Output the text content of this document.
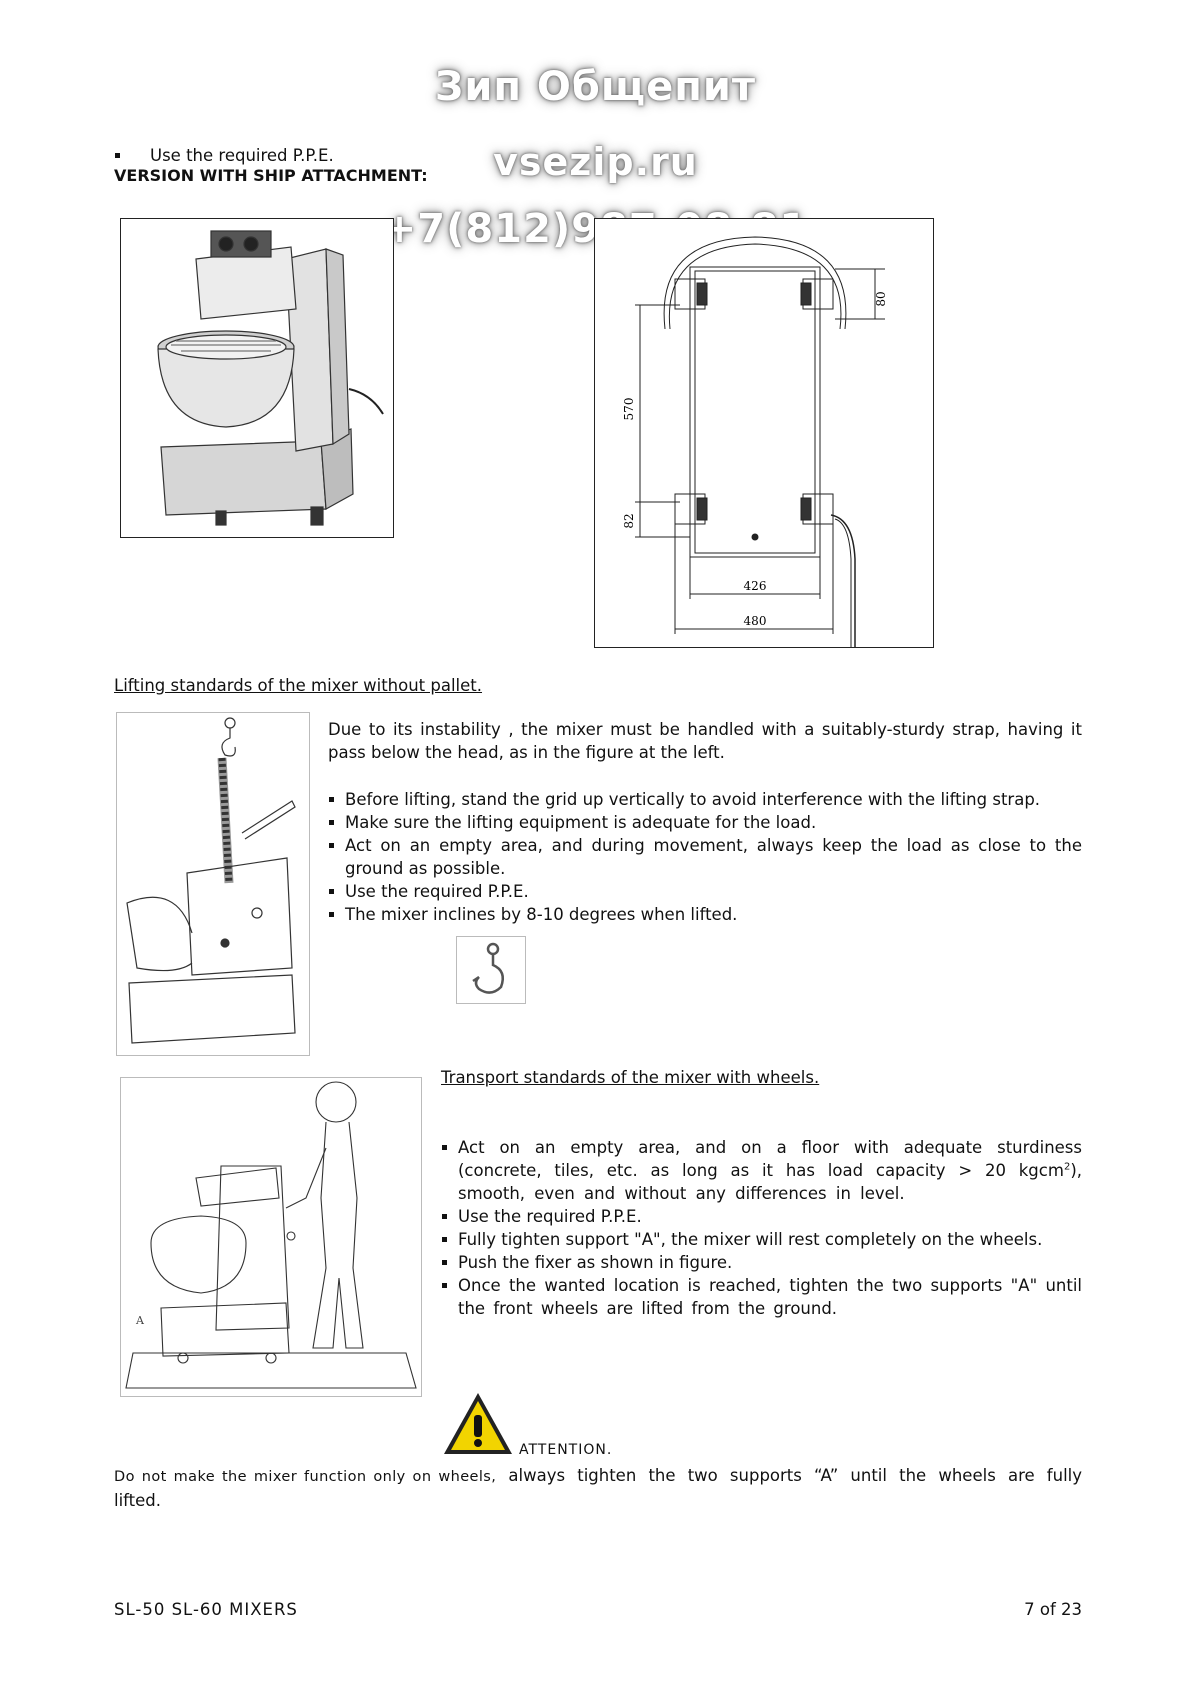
Зип Общепит
vsezip.ru
Use the required P.P.E.
VERSION WITH SHIP ATTACHMENT:
80
570
82
426
480
Lifting standards of the mixer without pallet.
Due to its instability , the mixer must be handled with a suitably-sturdy strap, having it pass below the head, as in the figure at the left.
Before lifting, stand the grid up vertically to avoid interference with the lifting strap.
Make sure the lifting equipment is adequate for the load.
Act on an empty area, and during movement, always keep the load as close to the ground as possible.
Use the required P.P.E.
The mixer inclines by 8-10 degrees when lifted.
A
Transport standards of the mixer with wheels.
Act on an empty area, and on a floor with adequate sturdiness (concrete, tiles, etc. as long as it has load capacity > 20 kgcm$^2$), smooth, even and without any differences in level.
Use the required P.P.E.
Fully tighten support "A", the mixer will rest completely on the wheels.
Push the fixer as shown in figure.
Once the wanted location is reached, tighten the two supports "A" until the front wheels are lifted from the ground.
ATTENTION.
Do not make the mixer function only on wheels, always tighten the two supports “A” until the wheels are fully lifted.
SL-50 SL-60 MIXERS	7 of 23
